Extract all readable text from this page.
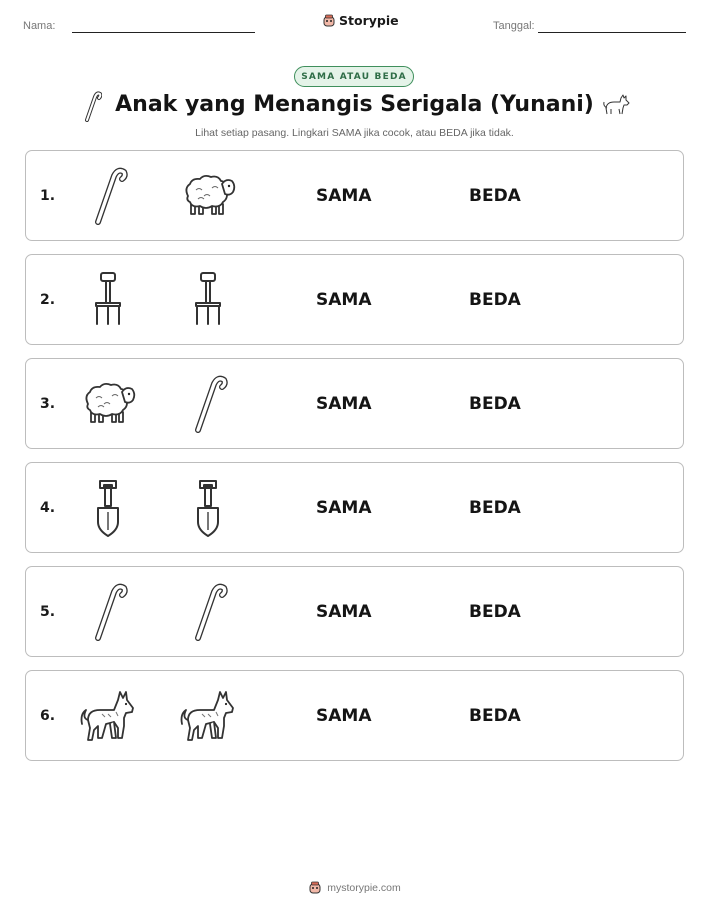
Nama:	Storypie	Tanggal:
SAMA ATAU BEDA
Anak yang Menangis Serigala (Yunani)
Lihat setiap pasang. Lingkari SAMA jika cocok, atau BEDA jika tidak.
1.	SAMA	BEDA
2.	SAMA	BEDA
3.	SAMA	BEDA
4.	SAMA	BEDA
5.	SAMA	BEDA
6.	SAMA	BEDA
mystorypie.com
